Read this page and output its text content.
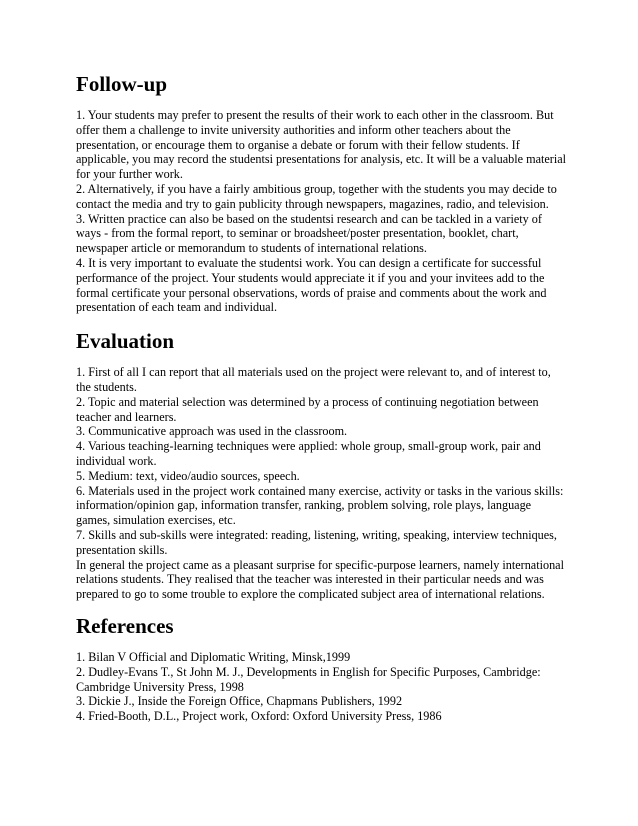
Follow-up
1. Your students may prefer to present the results of their work to each other in the classroom. But offer them a challenge to invite university authorities and inform other teachers about the presentation, or encourage them to organise a debate or forum with their fellow students. If applicable, you may record the studentsi presentations for analysis, etc. It will be a valuable material for your further work.
2. Alternatively, if you have a fairly ambitious group, together with the students you may decide to contact the media and try to gain publicity through newspapers, magazines, radio, and television.
3. Written practice can also be based on the studentsi research and can be tackled in a variety of ways - from the formal report, to seminar or broadsheet/poster presentation, booklet, chart, newspaper article or memorandum to students of international relations.
4. It is very important to evaluate the studentsi work. You can design a certificate for successful performance of the project. Your students would appreciate it if you and your invitees add to the formal certificate your personal observations, words of praise and comments about the work and presentation of each team and individual.
Evaluation
1. First of all I can report that all materials used on the project were relevant to, and of interest to, the students.
2. Topic and material selection was determined by a process of continuing negotiation between teacher and learners.
3. Communicative approach was used in the classroom.
4. Various teaching-learning techniques were applied: whole group, small-group work, pair and individual work.
5. Medium: text, video/audio sources, speech.
6. Materials used in the project work contained many exercise, activity or tasks in the various skills: information/opinion gap, information transfer, ranking, problem solving, role plays, language games, simulation exercises, etc.
7. Skills and sub-skills were integrated: reading, listening, writing, speaking, interview techniques, presentation skills.
In general the project came as a pleasant surprise for specific-purpose learners, namely international relations students. They realised that the teacher was interested in their particular needs and was prepared to go to some trouble to explore the complicated subject area of international relations.
References
1. Bilan V Official and Diplomatic Writing, Minsk,1999
2. Dudley-Evans T., St John M. J., Developments in English for Specific Purposes, Cambridge: Cambridge University Press, 1998
3. Dickie J., Inside the Foreign Office, Chapmans Publishers, 1992
4. Fried-Booth, D.L., Project work, Oxford: Oxford University Press, 1986
